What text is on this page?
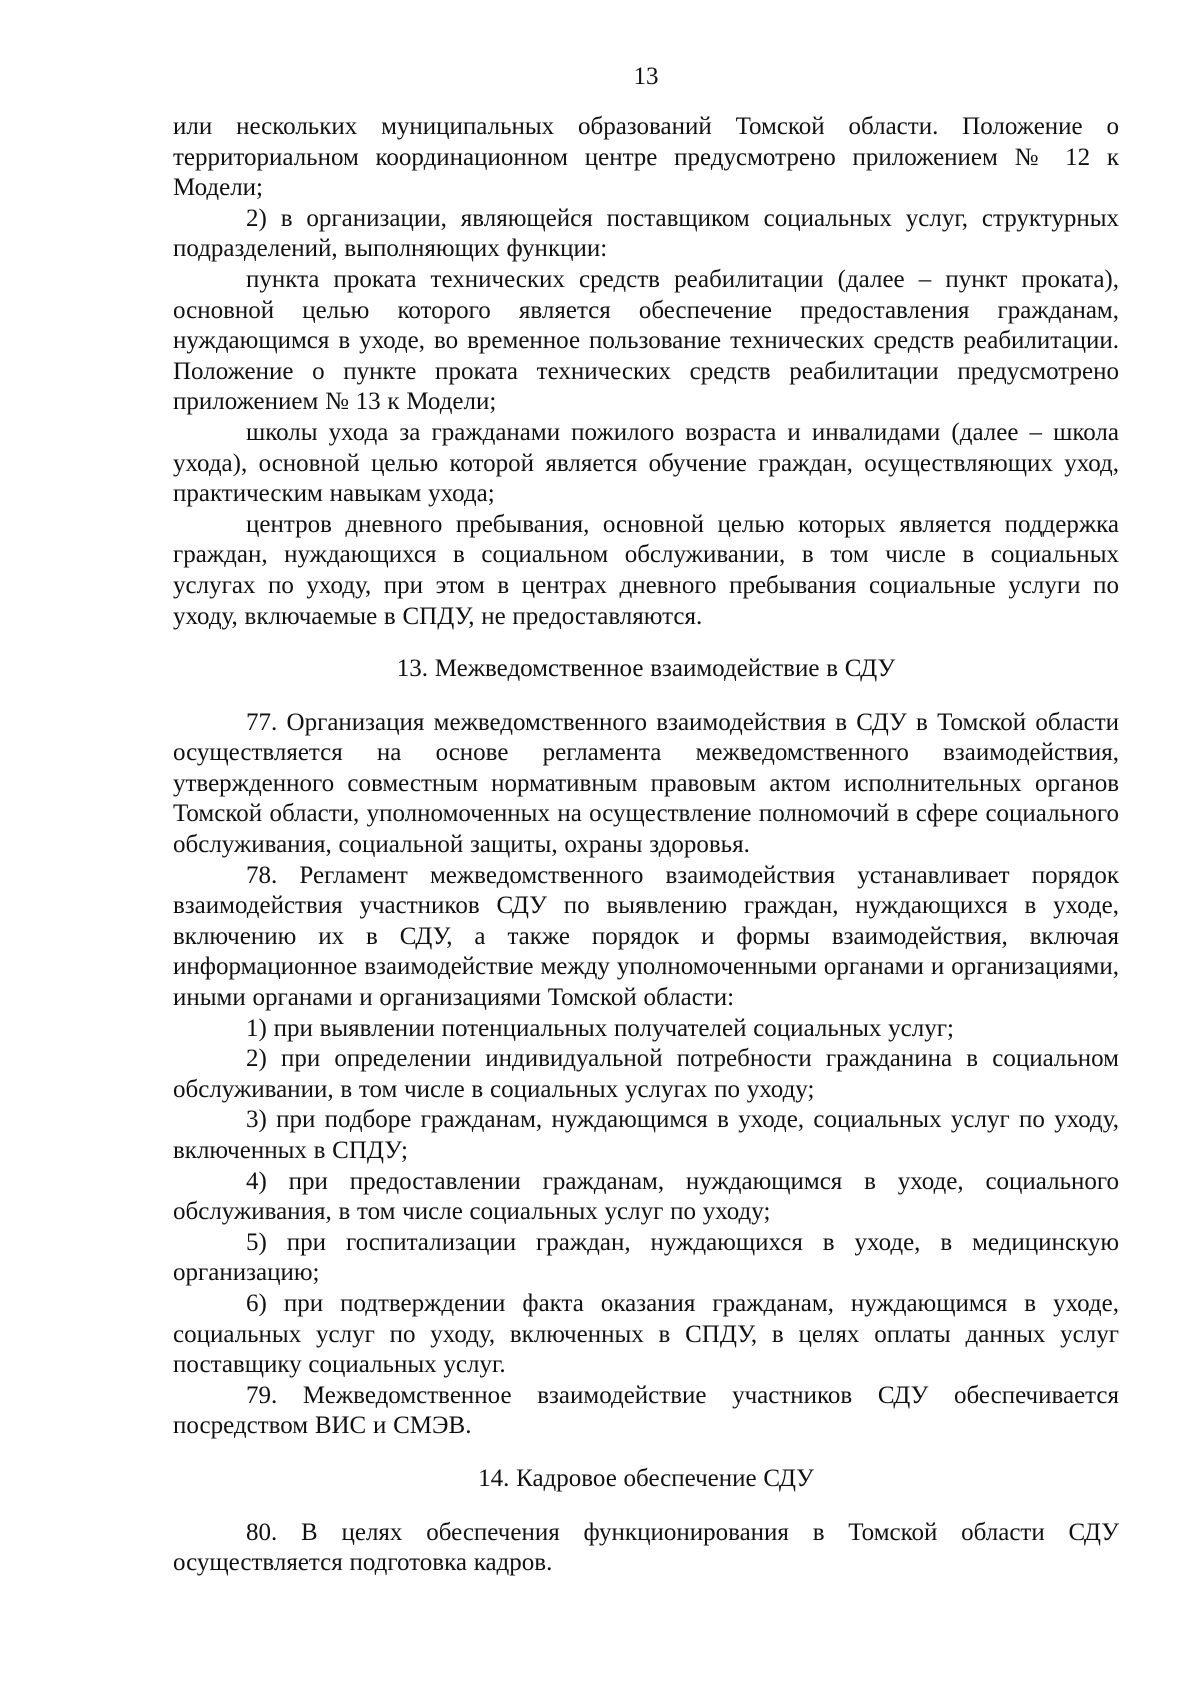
13

или нескольких муниципальных образований Томской области. Положение о территориальном координационном центре предусмотрено приложением № 12 к Модели;

2) в организации, являющейся поставщиком социальных услуг, структурных подразделений, выполняющих функции:

пункта проката технических средств реабилитации (далее – пункт проката), основной целью которого является обеспечение предоставления гражданам, нуждающимся в уходе, во временное пользование технических средств реабилитации. Положение о пункте проката технических средств реабилитации предусмотрено приложением № 13 к Модели;

школы ухода за гражданами пожилого возраста и инвалидами (далее – школа ухода), основной целью которой является обучение граждан, осуществляющих уход, практическим навыкам ухода;

центров дневного пребывания, основной целью которых является поддержка граждан, нуждающихся в социальном обслуживании, в том числе в социальных услугах по уходу, при этом в центрах дневного пребывания социальные услуги по уходу, включаемые в СПДУ, не предоставляются.

13. Межведомственное взаимодействие в СДУ

77. Организация межведомственного взаимодействия в СДУ в Томской области осуществляется на основе регламента межведомственного взаимодействия, утвержденного совместным нормативным правовым актом исполнительных органов Томской области, уполномоченных на осуществление полномочий в сфере социального обслуживания, социальной защиты, охраны здоровья.

78. Регламент межведомственного взаимодействия устанавливает порядок взаимодействия участников СДУ по выявлению граждан, нуждающихся в уходе, включению их в СДУ, а также порядок и формы взаимодействия, включая информационное взаимодействие между уполномоченными органами и организациями, иными органами и организациями Томской области:

1) при выявлении потенциальных получателей социальных услуг;

2) при определении индивидуальной потребности гражданина в социальном обслуживании, в том числе в социальных услугах по уходу;

3) при подборе гражданам, нуждающимся в уходе, социальных услуг по уходу, включенных в СПДУ;

4) при предоставлении гражданам, нуждающимся в уходе, социального обслуживания, в том числе социальных услуг по уходу;

5) при госпитализации граждан, нуждающихся в уходе, в медицинскую организацию;

6) при подтверждении факта оказания гражданам, нуждающимся в уходе, социальных услуг по уходу, включенных в СПДУ, в целях оплаты данных услуг поставщику социальных услуг.

79. Межведомственное взаимодействие участников СДУ обеспечивается посредством ВИС и СМЭВ.

14. Кадровое обеспечение СДУ

80. В целях обеспечения функционирования в Томской области СДУ осуществляется подготовка кадров.
